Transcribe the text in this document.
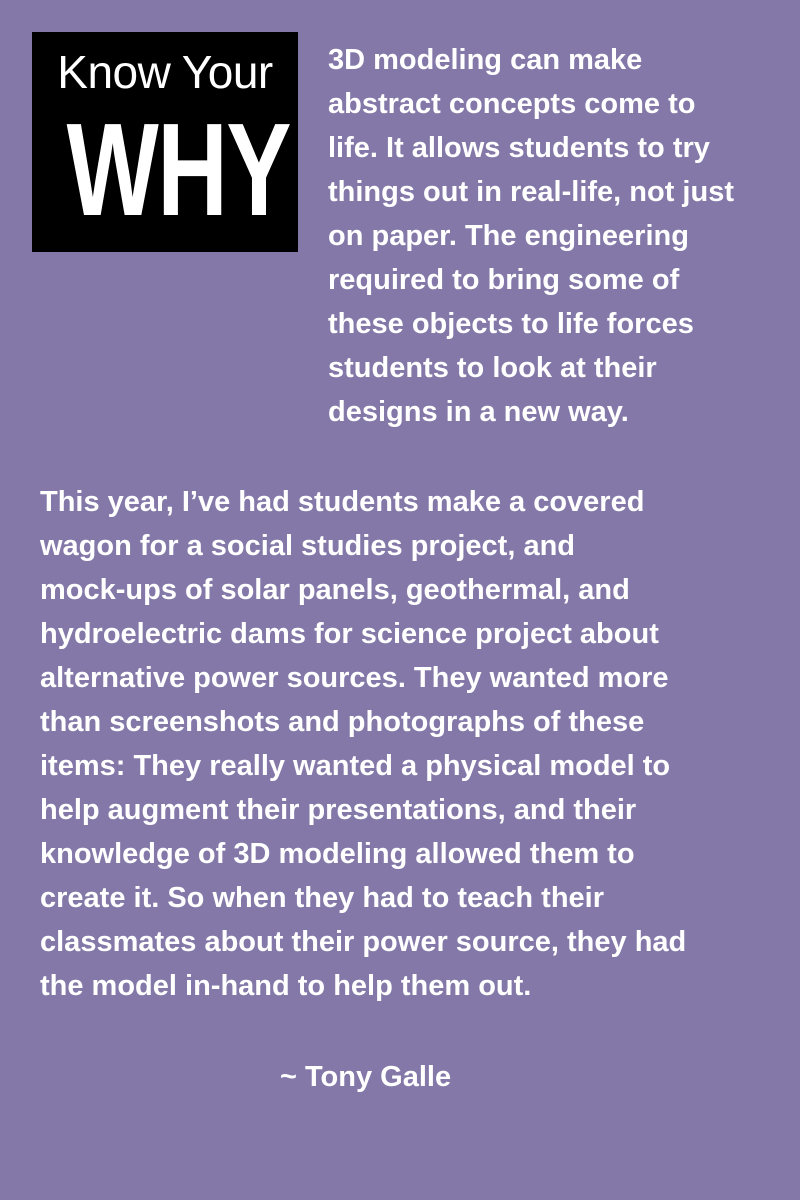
Know Your
WHY
3D modeling can make
abstract concepts come to
life. It allows students to try
things out in real-life, not just
on paper. The engineering
required to bring some of
these objects to life forces
students to look at their
designs in a new way.
This year, I’ve had students make a covered
wagon for a social studies project, and
mock-ups of solar panels, geothermal, and
hydroelectric dams for science project about
alternative power sources. They wanted more
than screenshots and photographs of these
items: They really wanted a physical model to
help augment their presentations, and their
knowledge of 3D modeling allowed them to
create it. So when they had to teach their
classmates about their power source, they had
the model in-hand to help them out.
~ Tony Galle
